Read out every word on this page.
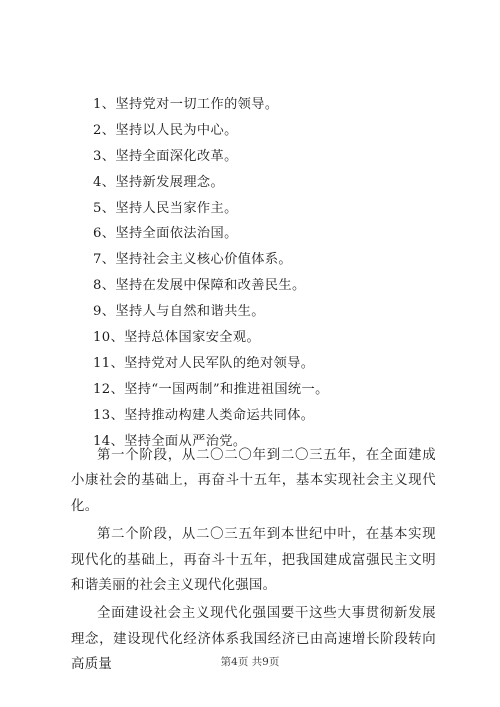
1、坚持党对一切工作的领导。
2、坚持以人民为中心。
3、坚持全面深化改革。
4、坚持新发展理念。
5、坚持人民当家作主。
6、坚持全面依法治国。
7、坚持社会主义核心价值体系。
8、坚持在发展中保障和改善民生。
9、坚持人与自然和谐共生。
10、坚持总体国家安全观。
11、坚持党对人民军队的绝对领导。
12、坚持“一国两制”和推进祖国统一。
13、坚持推动构建人类命运共同体。
14、坚持全面从严治党。

第一个阶段，从二〇二〇年到二〇三五年，在全面建成小康社会的基础上，再奋斗十五年，基本实现社会主义现代化。

第二个阶段，从二〇三五年到本世纪中叶，在基本实现现代化的基础上，再奋斗十五年，把我国建成富强民主文明和谐美丽的社会主义现代化强国。

全面建设社会主义现代化强国要干这些大事贯彻新发展理念，建设现代化经济体系我国经济已由高速增长阶段转向高质量	第4页 共9页
